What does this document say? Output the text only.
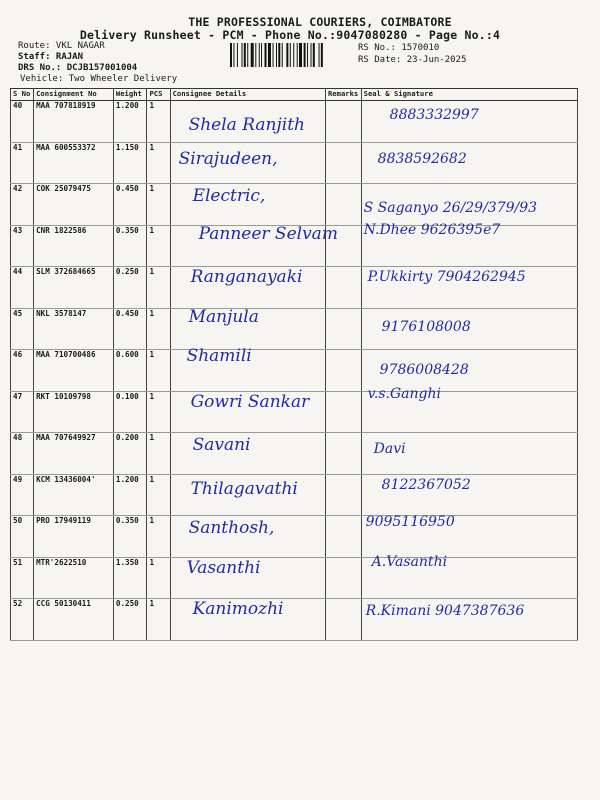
THE PROFESSIONAL COURIERS, COIMBATORE
Delivery Runsheet - PCM - Phone No.:9047080280 - Page No.:4
Route: VKL NAGAR
Staff: RAJAN
DRS No.: DCJB157001004
Vehicle: Two Wheeler Delivery
RS No.: 1570010
RS Date: 23-Jun-2025
S No	Consignment No	Weight	PCS	Consignee Details	Remarks	Seal & Signature
40	MAA 707818919	1.200	1	Shela Ranjith		8883332997

41	MAA 600553372	1.150	1	Sirajudeen,		8838592682

42	COK 25079475	0.450	1	Electric,		S Saganyo 26/29/379/93

43	CNR 1822586	0.350	1	Panneer Selvam		N.Dhee 9626395e7

44	SLM 372684665	0.250	1	Ranganayaki		P.Ukkirty 7904262945

45	NKL 3578147	0.450	1	Manjula		9176108008

46	MAA 710700486	0.600	1	Shamili		9786008428

47	RKT 10109798	0.100	1	Gowri Sankar		v.s.Ganghi

48	MAA 707649927	0.200	1	Savani		Davi

49	KCM 13436004'	1.200	1	Thilagavathi		8122367052

50	PRO 17949119	0.350	1	Santhosh,		9095116950

51	MTR'2622510	1.350	1	Vasanthi		A.Vasanthi

52	CCG 50130411	0.250	1	Kanimozhi		R.Kimani 9047387636
